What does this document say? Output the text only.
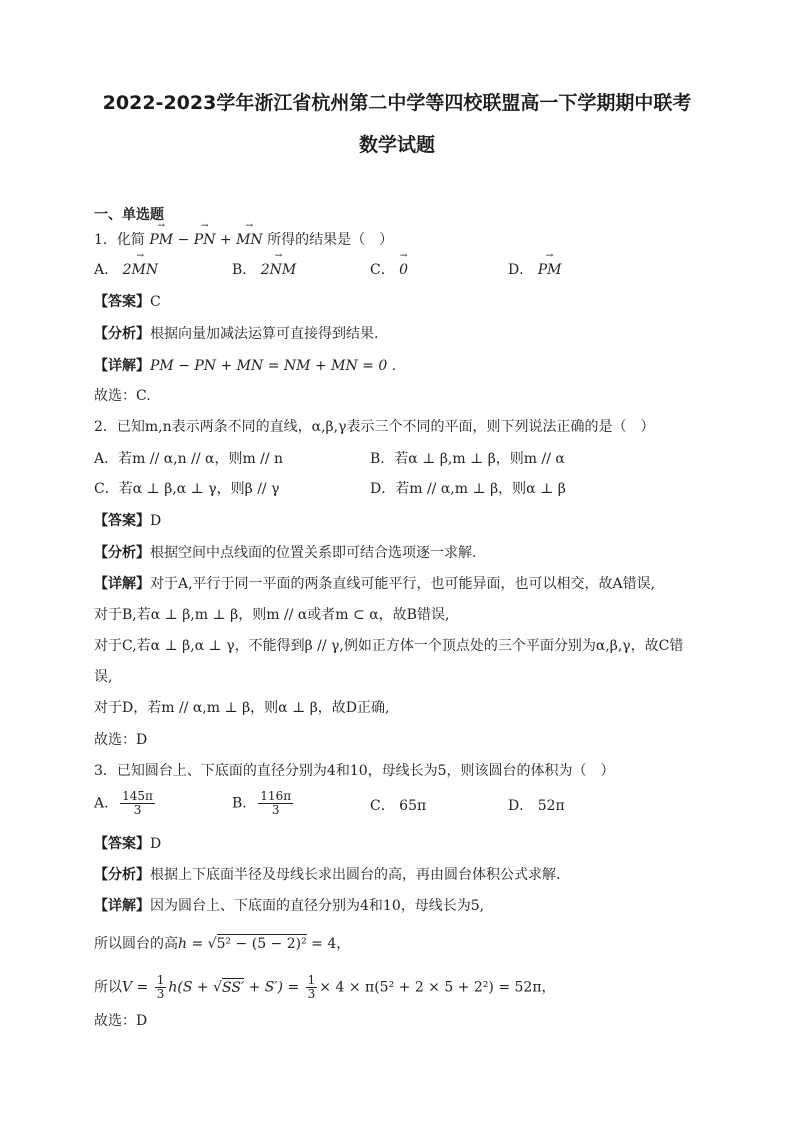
2022-2023学年浙江省杭州第二中学等四校联盟高一下学期期中联考
数学试题
一、单选题
1．化简 → PM − → PN + → MN 所得的结果是（　）
A． → 2MN	B． → 2NM	C． → 0	D． → PM
【答案】C
【分析】根据向量加减法运算可直接得到结果.
【详解】PM − PN + MN = NM + MN = 0 .
故选：C.
2．已知m,n表示两条不同的直线，α,β,γ表示三个不同的平面，则下列说法正确的是（　）
A．若m // α,n // α，则m // n	B．若α ⊥ β,m ⊥ β，则m // α
C．若α ⊥ β,α ⊥ γ，则β // γ	D．若m // α,m ⊥ β，则α ⊥ β
【答案】D
【分析】根据空间中点线面的位置关系即可结合选项逐一求解.
【详解】对于A,平行于同一平面的两条直线可能平行，也可能异面，也可以相交，故A错误,
对于B,若α ⊥ β,m ⊥ β，则m // α或者m ⊂ α，故B错误,
对于C,若α ⊥ β,α ⊥ γ，不能得到β // γ,例如正方体一个顶点处的三个平面分别为α,β,γ，故C错
误,
对于D，若m // α,m ⊥ β，则α ⊥ β，故D正确,
故选：D
3．已知圆台上、下底面的直径分别为4和10，母线长为5，则该圆台的体积为（　）
A． $\frac{145\pi}{3}$	B． $\frac{116\pi}{3}$	C． 65π	D． 52π
【答案】D
【分析】根据上下底面半径及母线长求出圆台的高，再由圆台体积公式求解.
【详解】因为圆台上、下底面的直径分别为4和10，母线长为5,
所以圆台的高h = √5² − (5 − 2)² = 4，
所以$V = \frac{1}{3} h(S + √SS' + S') = \frac{1}{3} \times 4 \times \pi(5^2 + 2 \times 5 + 2^2) = 52\pi$，
故选：D
